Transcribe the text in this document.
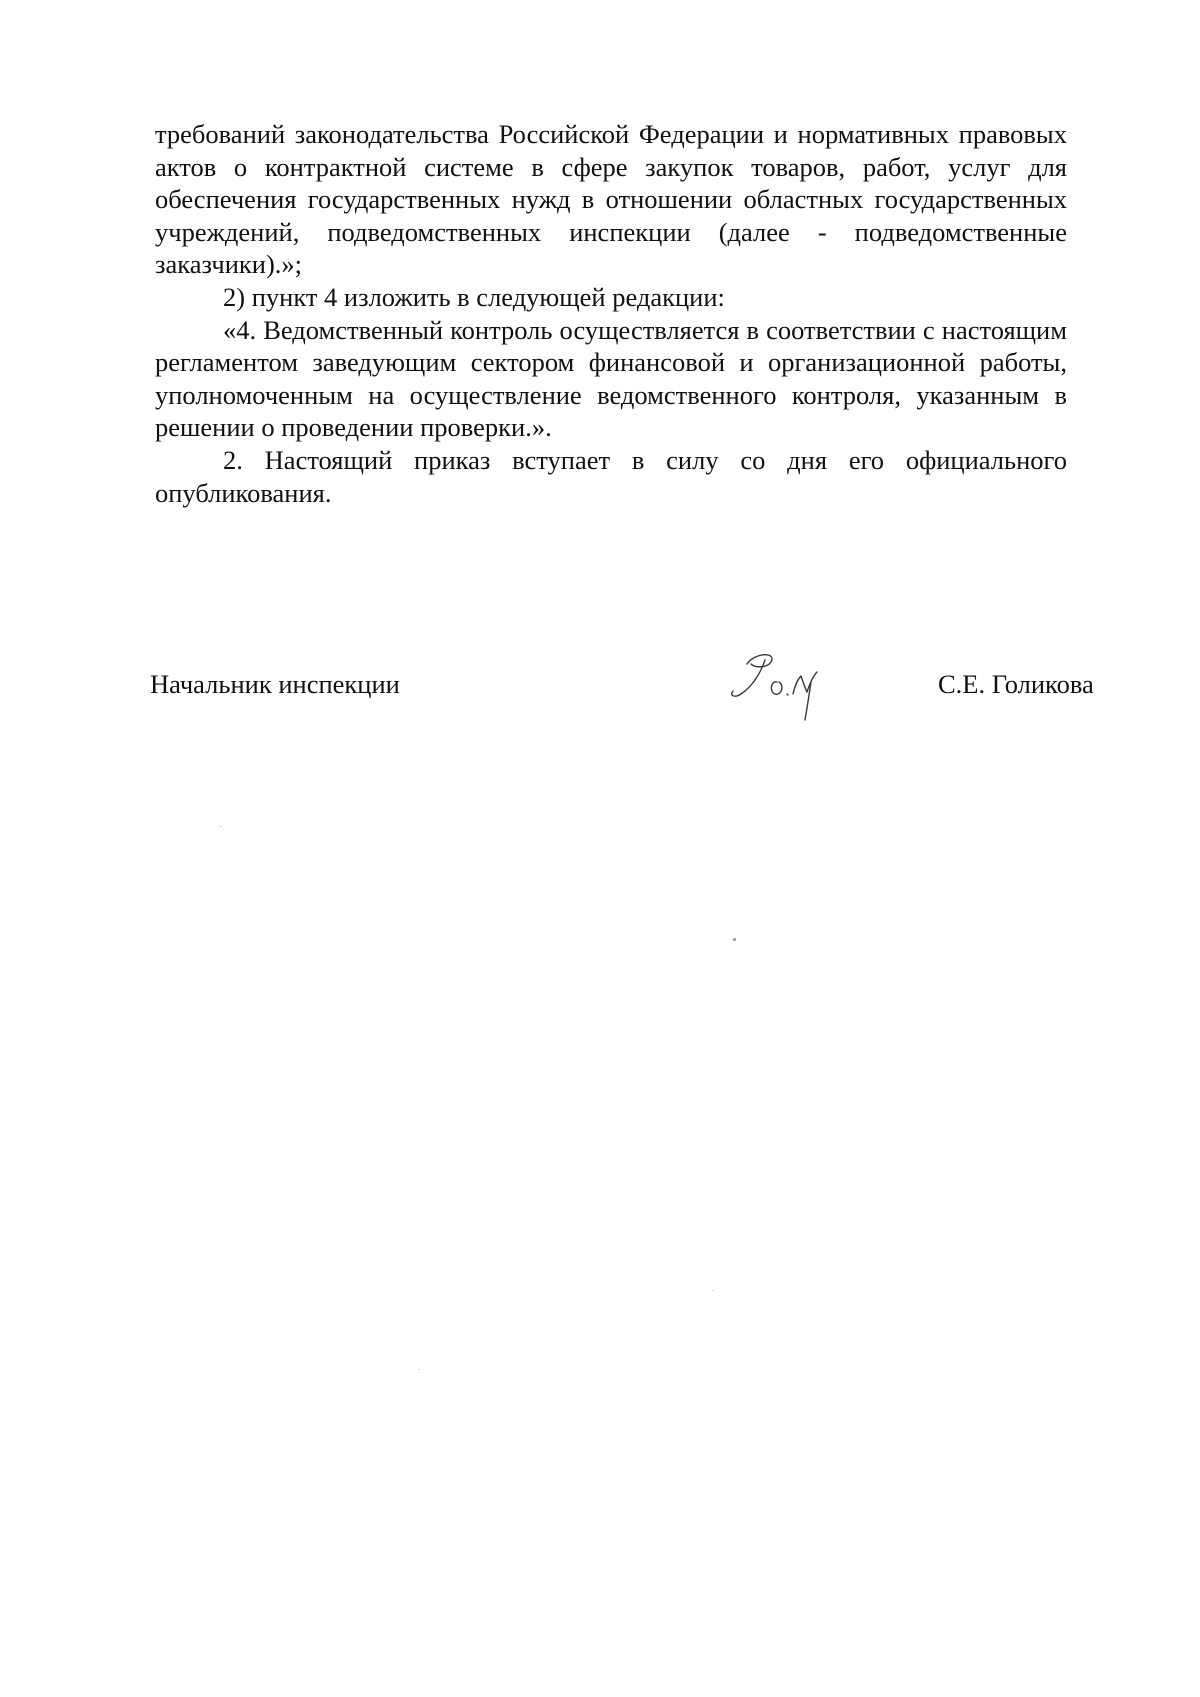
требований законодательства Российской Федерации и нормативных правовых актов о контрактной системе в сфере закупок товаров, работ, услуг для обеспечения государственных нужд в отношении областных государственных учреждений, подведомственных инспекции (далее - подведомственные заказчики).»;

2) пункт 4 изложить в следующей редакции:

«4. Ведомственный контроль осуществляется в соответствии с настоящим регламентом заведующим сектором финансовой и организационной работы, уполномоченным на осуществление ведомственного контроля, указанным в решении о проведении проверки.».

2. Настоящий приказ вступает в силу со дня его официального опубликования.

Начальник инспекции	С.Е. Голикова
